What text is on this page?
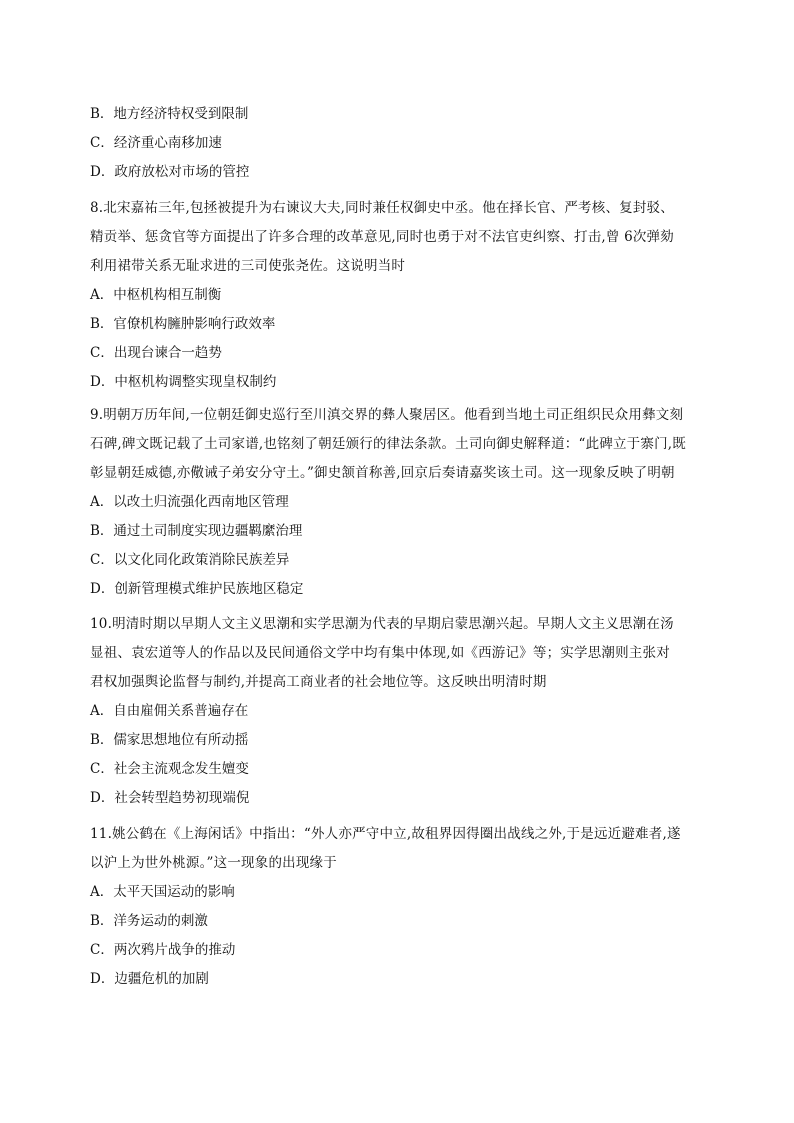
B．地方经济特权受到限制
C．经济重心南移加速
D．政府放松对市场的管控
8.北宋嘉祐三年,包拯被提升为右谏议大夫,同时兼任权御史中丞。他在择长官、严考核、复封驳、
精贡举、惩贪官等方面提出了许多合理的改革意见,同时也勇于对不法官吏纠察、打击,曾 6次弹劾
利用裙带关系无耻求进的三司使张尧佐。这说明当时
A．中枢机构相互制衡
B．官僚机构臃肿影响行政效率
C．出现台谏合一趋势
D．中枢机构调整实现皇权制约
9.明朝万历年间,一位朝廷御史巡行至川滇交界的彝人聚居区。他看到当地土司正组织民众用彝文刻
石碑,碑文既记载了土司家谱,也铭刻了朝廷颁行的律法条款。土司向御史解释道：“此碑立于寨门,既
彰显朝廷威德,亦儆诫子弟安分守土。”御史颔首称善,回京后奏请嘉奖该土司。这一现象反映了明朝
A．以改土归流强化西南地区管理
B．通过土司制度实现边疆羁縻治理
C．以文化同化政策消除民族差异
D．创新管理模式维护民族地区稳定
10.明清时期以早期人文主义思潮和实学思潮为代表的早期启蒙思潮兴起。早期人文主义思潮在汤
显祖、袁宏道等人的作品以及民间通俗文学中均有集中体现,如《西游记》等；实学思潮则主张对
君权加强舆论监督与制约,并提高工商业者的社会地位等。这反映出明清时期
A．自由雇佣关系普遍存在
B．儒家思想地位有所动摇
C．社会主流观念发生嬗变
D．社会转型趋势初现端倪
11.姚公鹤在《上海闲话》中指出：“外人亦严守中立,故租界因得圈出战线之外,于是远近避难者,遂
以沪上为世外桃源。”这一现象的出现缘于
A．太平天国运动的影响
B．洋务运动的刺激
C．两次鸦片战争的推动
D．边疆危机的加剧
